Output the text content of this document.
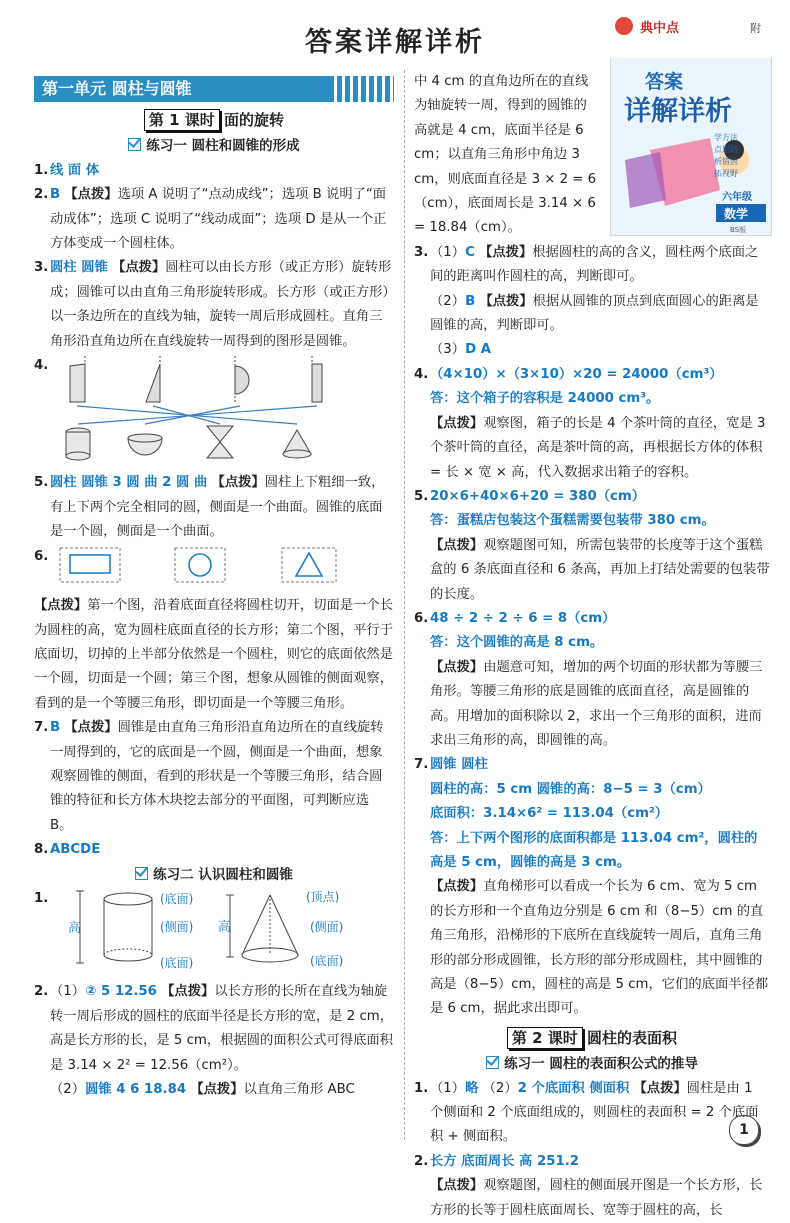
答案详解详析	典中点	附
答案
详解详析
学方法
点思路
析错因
拓视野
六年级
数学
BS版
第一单元 圆柱与圆锥
第 1 课时 面的旋转
练习一 圆柱和圆锥的形成
1. 线 面 体
2. B 【点拨】选项 A 说明了“点动成线”；选项 B 说明了“面动成体”；选项 C 说明了“线动成面”；选项 D 是从一个正方体变成一个圆柱体。
3. 圆柱 圆锥 【点拨】圆柱可以由长方形（或正方形）旋转形成；圆锥可以由直角三角形旋转形成。长方形（或正方形）以一条边所在的直线为轴，旋转一周后形成圆柱。直角三角形沿直角边所在直线旋转一周得到的图形是圆锥。
4.
5. 圆柱 圆锥 3 圆 曲 2 圆 曲 【点拨】圆柱上下粗细一致，有上下两个完全相同的圆，侧面是一个曲面。圆锥的底面是一个圆，侧面是一个曲面。
6.
【点拨】第一个图，沿着底面直径将圆柱切开，切面是一个长为圆柱的高，宽为圆柱底面直径的长方形；第二个图，平行于底面切，切掉的上半部分依然是一个圆柱，则它的底面依然是一个圆，切面是一个圆；第三个图，想象从圆锥的侧面观察，看到的是一个等腰三角形，即切面是一个等腰三角形。
7. B 【点拨】圆锥是由直角三角形沿直角边所在的直线旋转一周得到的，它的底面是一个圆，侧面是一个曲面，想象观察圆锥的侧面，看到的形状是一个等腰三角形，结合圆锥的特征和长方体木块挖去部分的平面图，可判断应选 B。
8. ABCDE
练习二 认识圆柱和圆锥
1.	(底面)
(侧面)
(底面)
高
(顶点)
高	(侧面)
(底面)
2. （1）② 5 12.56 【点拨】以长方形的长所在直线为轴旋转一周后形成的圆柱的底面半径是长方形的宽，是 2 cm，高是长方形的长，是 5 cm，根据圆的面积公式可得底面积是 3.14 × 2² = 12.56（cm²）。
（2）圆锥 4 6 18.84 【点拨】以直角三角形 ABC
中 4 cm 的直角边所在的直线为轴旋转一周，得到的圆锥的高就是 4 cm，底面半径是 6 cm；以直角三角形中角边 3 cm，则底面直径是 3 × 2 = 6（cm），底面周长是 3.14 × 6 = 18.84（cm）。
3. （1）C 【点拨】根据圆柱的高的含义，圆柱两个底面之间的距离叫作圆柱的高，判断即可。
（2）B 【点拨】根据从圆锥的顶点到底面圆心的距离是圆锥的高，判断即可。
（3）D A
4. （4×10）×（3×10）×20 = 24000（cm³）
答：这个箱子的容积是 24000 cm³。
【点拨】观察图，箱子的长是 4 个茶叶筒的直径，宽是 3 个茶叶筒的直径，高是茶叶筒的高，再根据长方体的体积 = 长 × 宽 × 高，代入数据求出箱子的容积。
5. 20×6+40×6+20 = 380（cm）
答：蛋糕店包装这个蛋糕需要包装带 380 cm。
【点拨】观察题图可知，所需包装带的长度等于这个蛋糕盒的 6 条底面直径和 6 条高，再加上打结处需要的包装带的长度。
6. 48 ÷ 2 ÷ 2 ÷ 6 = 8（cm）
答：这个圆锥的高是 8 cm。
【点拨】由题意可知，增加的两个切面的形状都为等腰三角形。等腰三角形的底是圆锥的底面直径，高是圆锥的高。用增加的面积除以 2，求出一个三角形的面积，进而求出三角形的高，即圆锥的高。
7. 圆锥 圆柱
圆柱的高：5 cm 圆锥的高：8−5 = 3（cm）
底面积：3.14×6² = 113.04（cm²）
答：上下两个图形的底面积都是 113.04 cm²，圆柱的高是 5 cm，圆锥的高是 3 cm。
【点拨】直角梯形可以看成一个长为 6 cm、宽为 5 cm 的长方形和一个直角边分别是 6 cm 和（8−5）cm 的直角三角形，沿梯形的下底所在直线旋转一周后，直角三角形的部分形成圆锥，长方形的部分形成圆柱，其中圆锥的高是（8−5）cm，圆柱的高是 5 cm，它们的底面半径都是 6 cm，据此求出即可。
第 2 课时 圆柱的表面积
练习一 圆柱的表面积公式的推导
1. （1）略 （2）2 个底面积 侧面积 【点拨】圆柱是由 1 个侧面和 2 个底面组成的，则圆柱的表面积 = 2 个底面积 + 侧面积。
2. 长方 底面周长 高 251.2
【点拨】观察题图，圆柱的侧面展开图是一个长方形，长方形的长等于圆柱底面周长、宽等于圆柱的高，长
1
